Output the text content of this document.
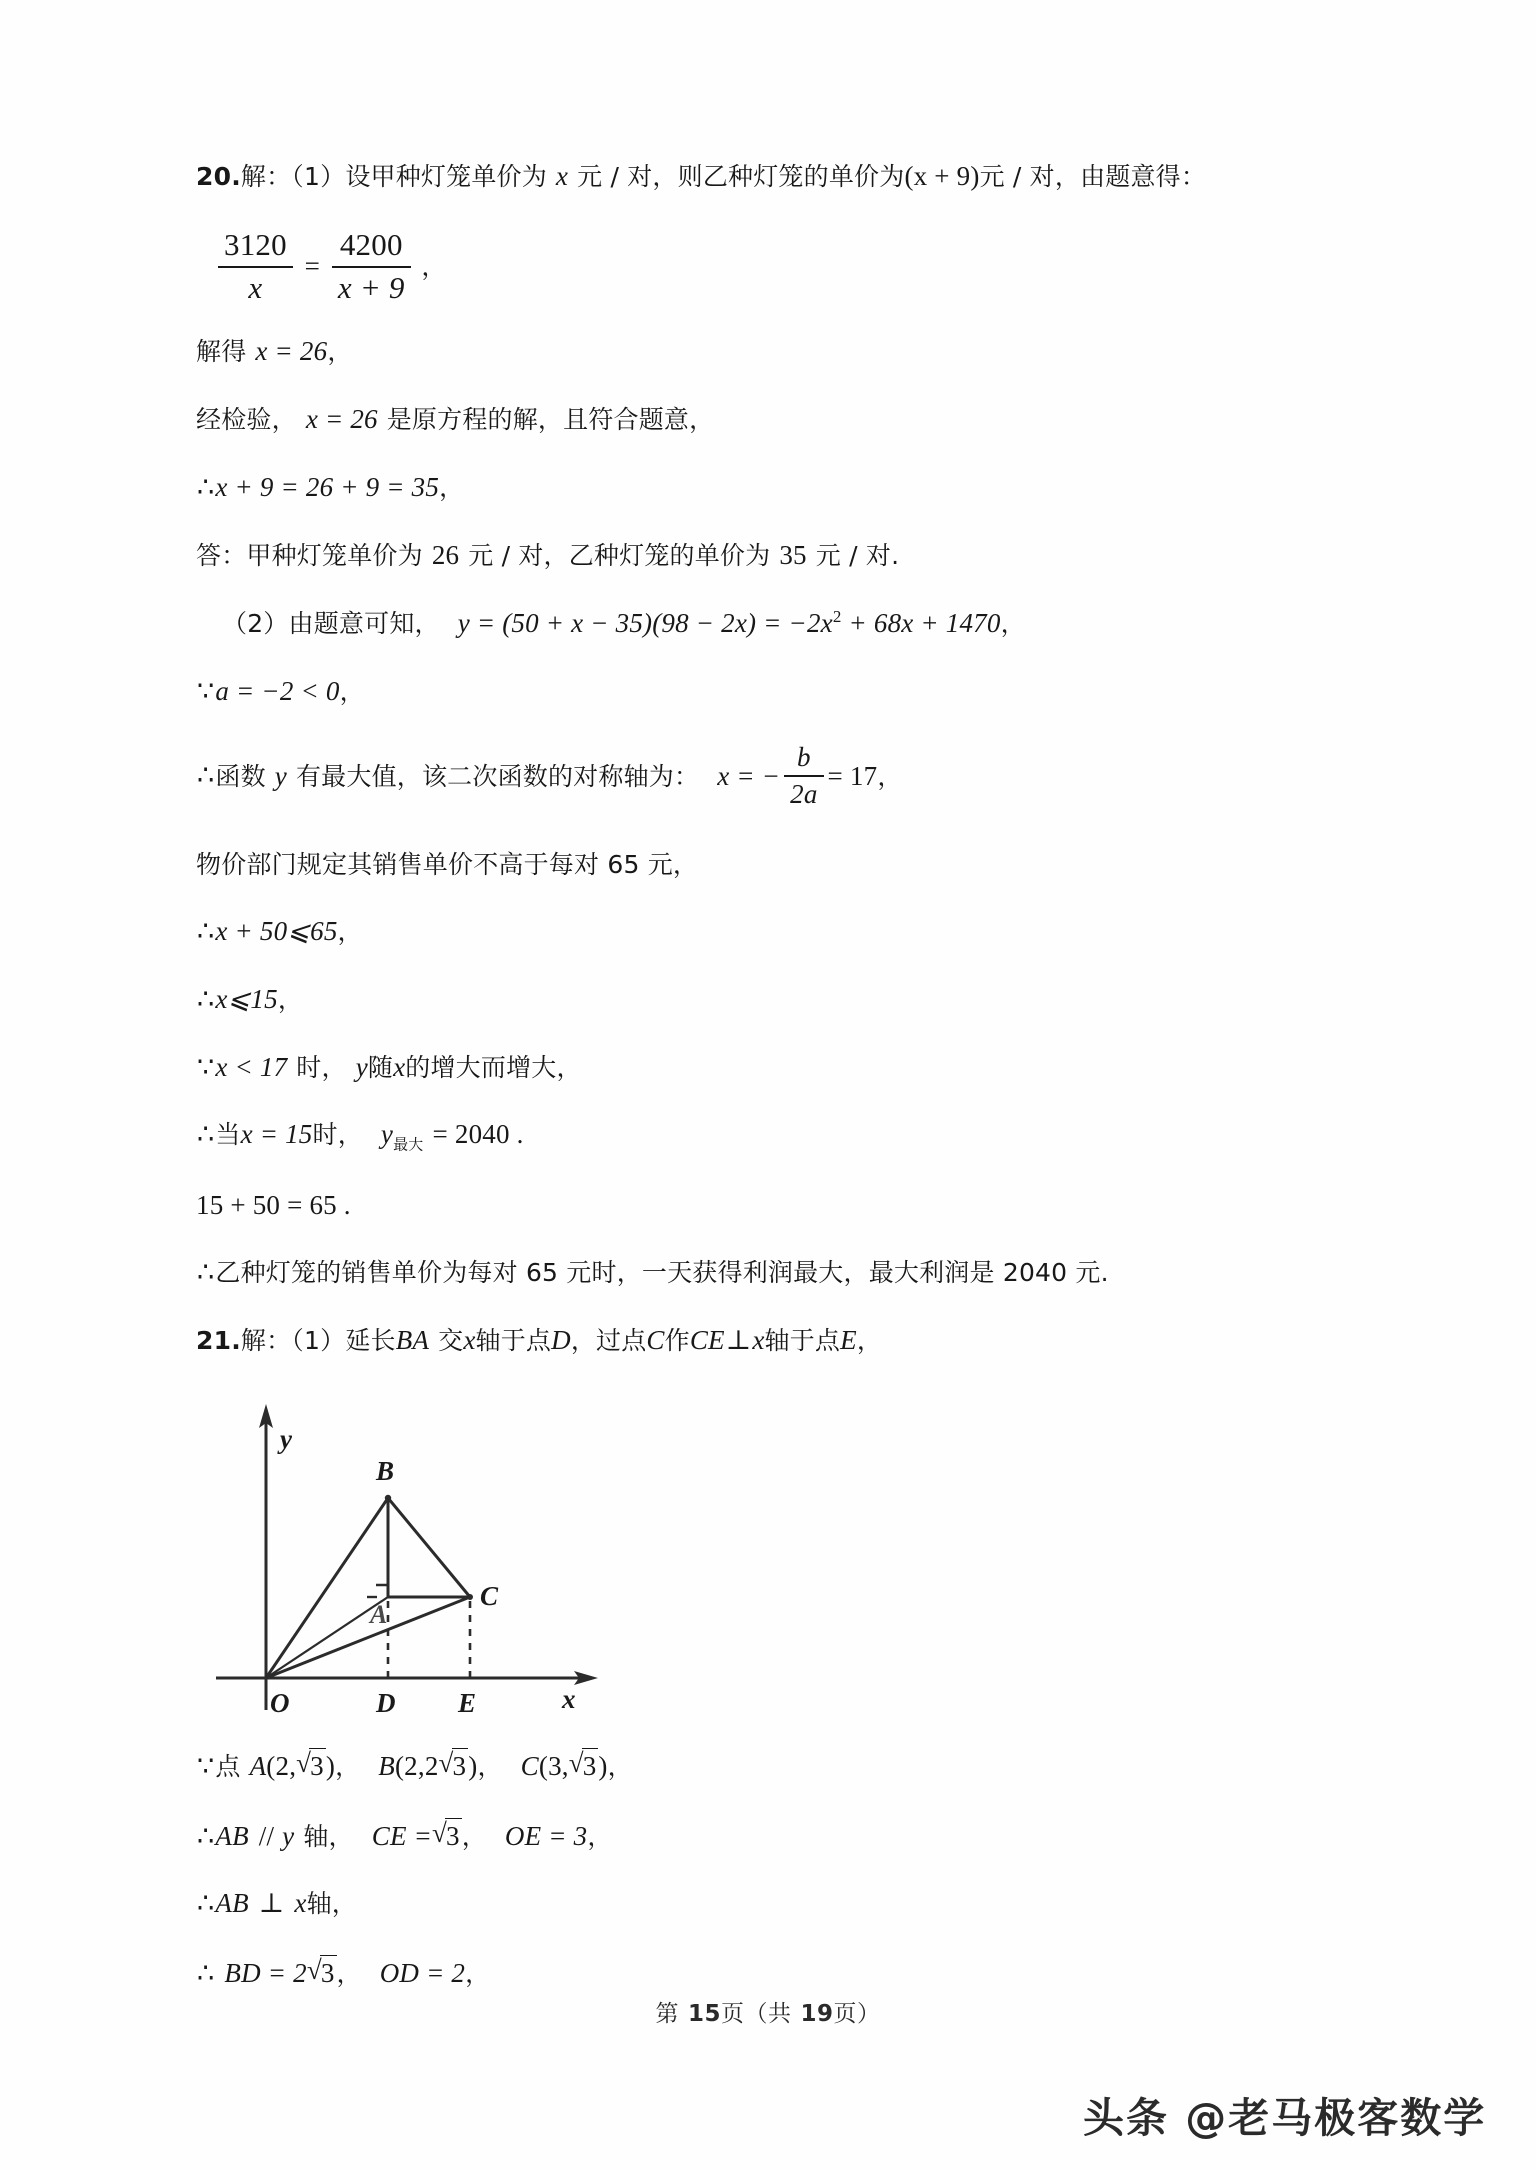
20.解：（1）设甲种灯笼单价为 x 元 / 对，则乙种灯笼的单价为(x + 9)元 / 对，由题意得：
$\frac{3120}{x} = \frac{4200}{x + 9}$ ，
解得 x = 26，
经检验， x = 26 是原方程的解，且符合题意，
∴x + 9 = 26 + 9 = 35，
答：甲种灯笼单价为 26 元 / 对，乙种灯笼的单价为 35 元 / 对.
（2）由题意可知， $y = (50 + x - 35)(98 - 2x) = -2x^2 + 68x + 1470$，
∵a = −2 < 0，
∴函数 y 有最大值，该二次函数的对称轴为： x = − $\frac{b}{2a} = 17$，
物价部门规定其销售单价不高于每对 65 元，
∴x + 50⩽65，
∴x⩽15，
∵x < 17 时， y随x的增大而增大，
∴当x = 15时， $y_{最大} = 2040$ .
15 + 50 = 65 .
∴乙种灯笼的销售单价为每对 65 元时，一天获得利润最大，最大利润是 2040 元.
21.解：（1）延长BA 交x轴于点D，过点C作CE⊥x轴于点E，
y
x
O
A
B
C
D E
∵点 A(2, √
3)， B(2,2 √
3)， C(3, √
3)，
∴AB // y 轴， CE = √
3， OE = 3，
∴AB ⊥ x轴，
∴ BD = 2 √
3， OD = 2，
第 15页（共 19页）
头条 @老马极客数学
